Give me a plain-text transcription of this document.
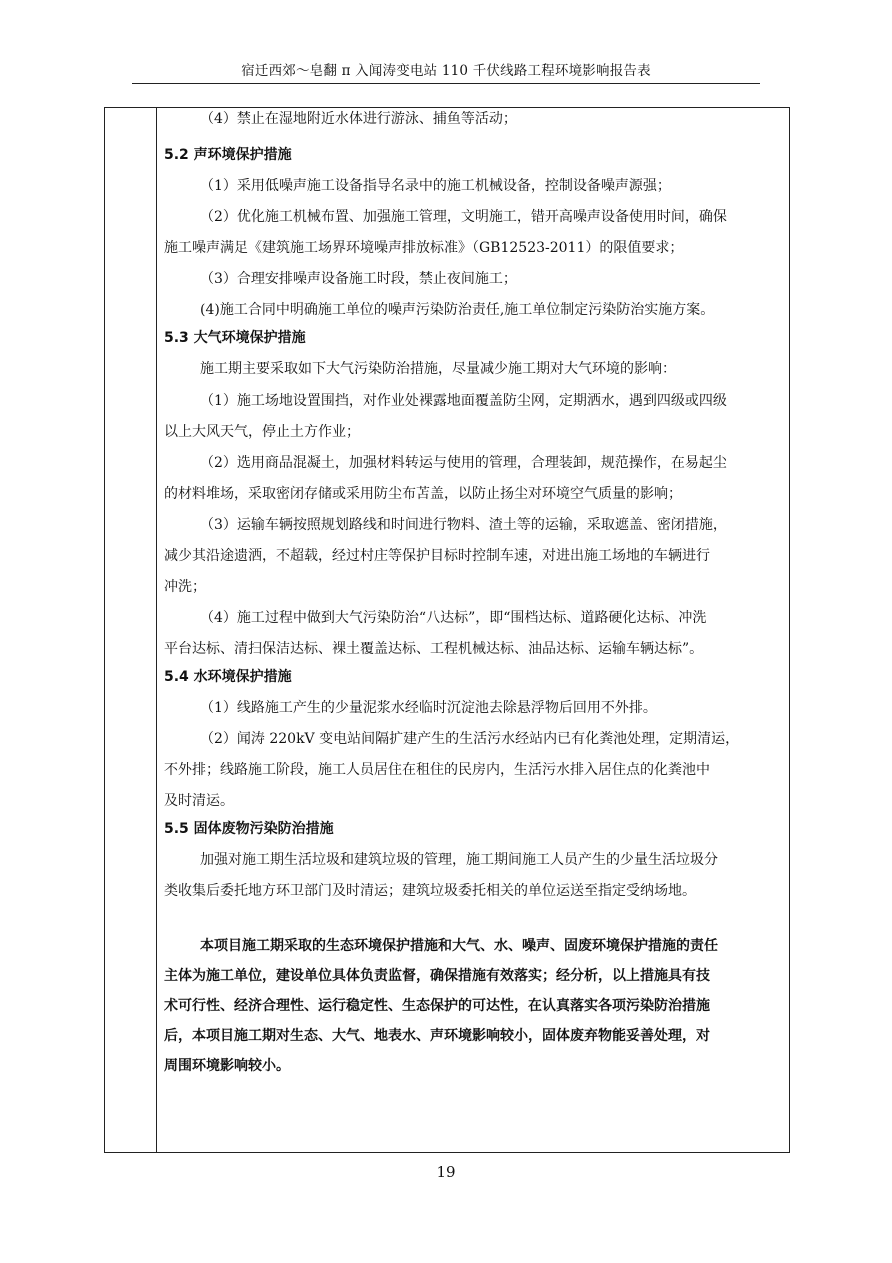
宿迁西郊～皂翻 π 入闻涛变电站 110 千伏线路工程环境影响报告表
（4）禁止在湿地附近水体进行游泳、捕鱼等活动；
5.2 声环境保护措施
（1）采用低噪声施工设备指导名录中的施工机械设备，控制设备噪声源强；
（2）优化施工机械布置、加强施工管理，文明施工，错开高噪声设备使用时间，确保
施工噪声满足《建筑施工场界环境噪声排放标准》（GB12523-2011）的限值要求；
（3）合理安排噪声设备施工时段，禁止夜间施工；
(4)施工合同中明确施工单位的噪声污染防治责任,施工单位制定污染防治实施方案。
5.3 大气环境保护措施
施工期主要采取如下大气污染防治措施，尽量减少施工期对大气环境的影响：
（1）施工场地设置围挡，对作业处裸露地面覆盖防尘网，定期洒水，遇到四级或四级
以上大风天气，停止土方作业；
（2）选用商品混凝土，加强材料转运与使用的管理，合理装卸，规范操作，在易起尘
的材料堆场，采取密闭存储或采用防尘布苫盖，以防止扬尘对环境空气质量的影响；
（3）运输车辆按照规划路线和时间进行物料、渣土等的运输，采取遮盖、密闭措施，
减少其沿途遗洒，不超载，经过村庄等保护目标时控制车速，对进出施工场地的车辆进行
冲洗；
（4）施工过程中做到大气污染防治“八达标”，即“围档达标、道路硬化达标、冲洗
平台达标、清扫保洁达标、裸土覆盖达标、工程机械达标、油品达标、运输车辆达标”。
5.4 水环境保护措施
（1）线路施工产生的少量泥浆水经临时沉淀池去除悬浮物后回用不外排。
（2）闻涛 220kV 变电站间隔扩建产生的生活污水经站内已有化粪池处理，定期清运，
不外排；线路施工阶段，施工人员居住在租住的民房内，生活污水排入居住点的化粪池中
及时清运。
5.5 固体废物污染防治措施
加强对施工期生活垃圾和建筑垃圾的管理，施工期间施工人员产生的少量生活垃圾分
类收集后委托地方环卫部门及时清运；建筑垃圾委托相关的单位运送至指定受纳场地。
本项目施工期采取的生态环境保护措施和大气、水、噪声、固废环境保护措施的责任
主体为施工单位，建设单位具体负责监督，确保措施有效落实；经分析，以上措施具有技
术可行性、经济合理性、运行稳定性、生态保护的可达性，在认真落实各项污染防治措施
后，本项目施工期对生态、大气、地表水、声环境影响较小，固体废弃物能妥善处理，对
周围环境影响较小。
19
